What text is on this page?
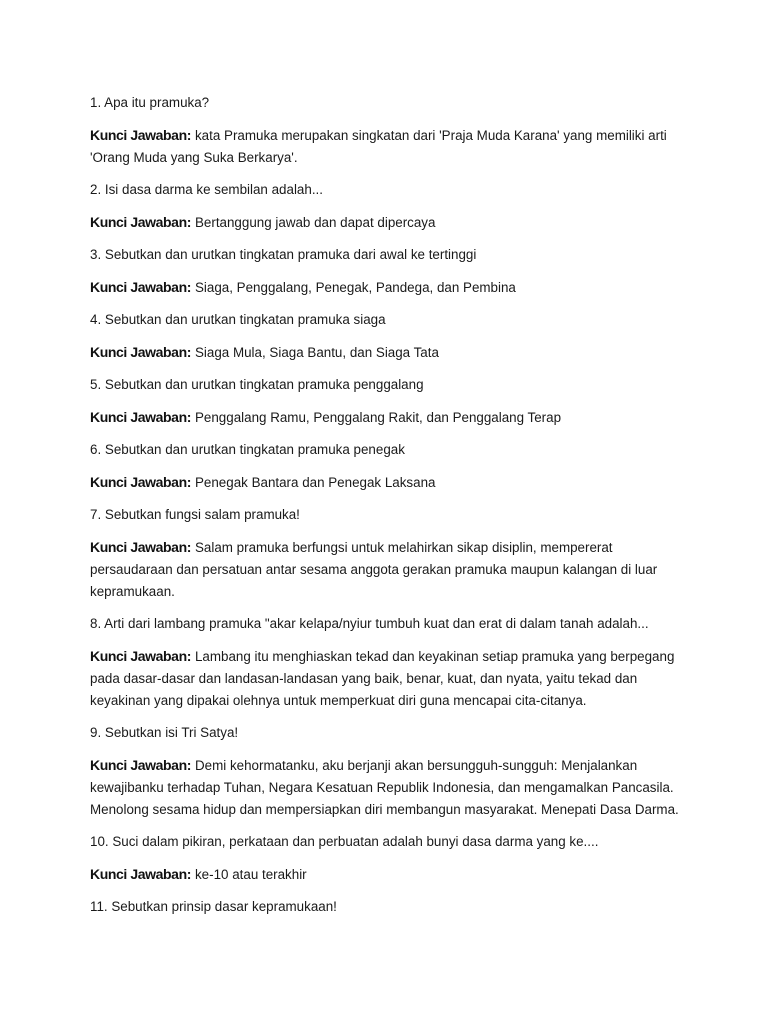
1. Apa itu pramuka?

Kunci Jawaban: kata Pramuka merupakan singkatan dari 'Praja Muda Karana' yang memiliki arti 'Orang Muda yang Suka Berkarya'.

2. Isi dasa darma ke sembilan adalah...

Kunci Jawaban: Bertanggung jawab dan dapat dipercaya

3. Sebutkan dan urutkan tingkatan pramuka dari awal ke tertinggi

Kunci Jawaban: Siaga, Penggalang, Penegak, Pandega, dan Pembina

4. Sebutkan dan urutkan tingkatan pramuka siaga

Kunci Jawaban: Siaga Mula, Siaga Bantu, dan Siaga Tata

5. Sebutkan dan urutkan tingkatan pramuka penggalang

Kunci Jawaban: Penggalang Ramu, Penggalang Rakit, dan Penggalang Terap

6. Sebutkan dan urutkan tingkatan pramuka penegak

Kunci Jawaban: Penegak Bantara dan Penegak Laksana

7. Sebutkan fungsi salam pramuka!

Kunci Jawaban: Salam pramuka berfungsi untuk melahirkan sikap disiplin, mempererat persaudaraan dan persatuan antar sesama anggota gerakan pramuka maupun kalangan di luar kepramukaan.

8. Arti dari lambang pramuka "akar kelapa/nyiur tumbuh kuat dan erat di dalam tanah adalah...

Kunci Jawaban: Lambang itu menghiaskan tekad dan keyakinan setiap pramuka yang berpegang pada dasar-dasar dan landasan-landasan yang baik, benar, kuat, dan nyata, yaitu tekad dan keyakinan yang dipakai olehnya untuk memperkuat diri guna mencapai cita-citanya.

9. Sebutkan isi Tri Satya!

Kunci Jawaban: Demi kehormatanku, aku berjanji akan bersungguh-sungguh: Menjalankan kewajibanku terhadap Tuhan, Negara Kesatuan Republik Indonesia, dan mengamalkan Pancasila. Menolong sesama hidup dan mempersiapkan diri membangun masyarakat. Menepati Dasa Darma.

10. Suci dalam pikiran, perkataan dan perbuatan adalah bunyi dasa darma yang ke....

Kunci Jawaban: ke-10 atau terakhir

11. Sebutkan prinsip dasar kepramukaan!
